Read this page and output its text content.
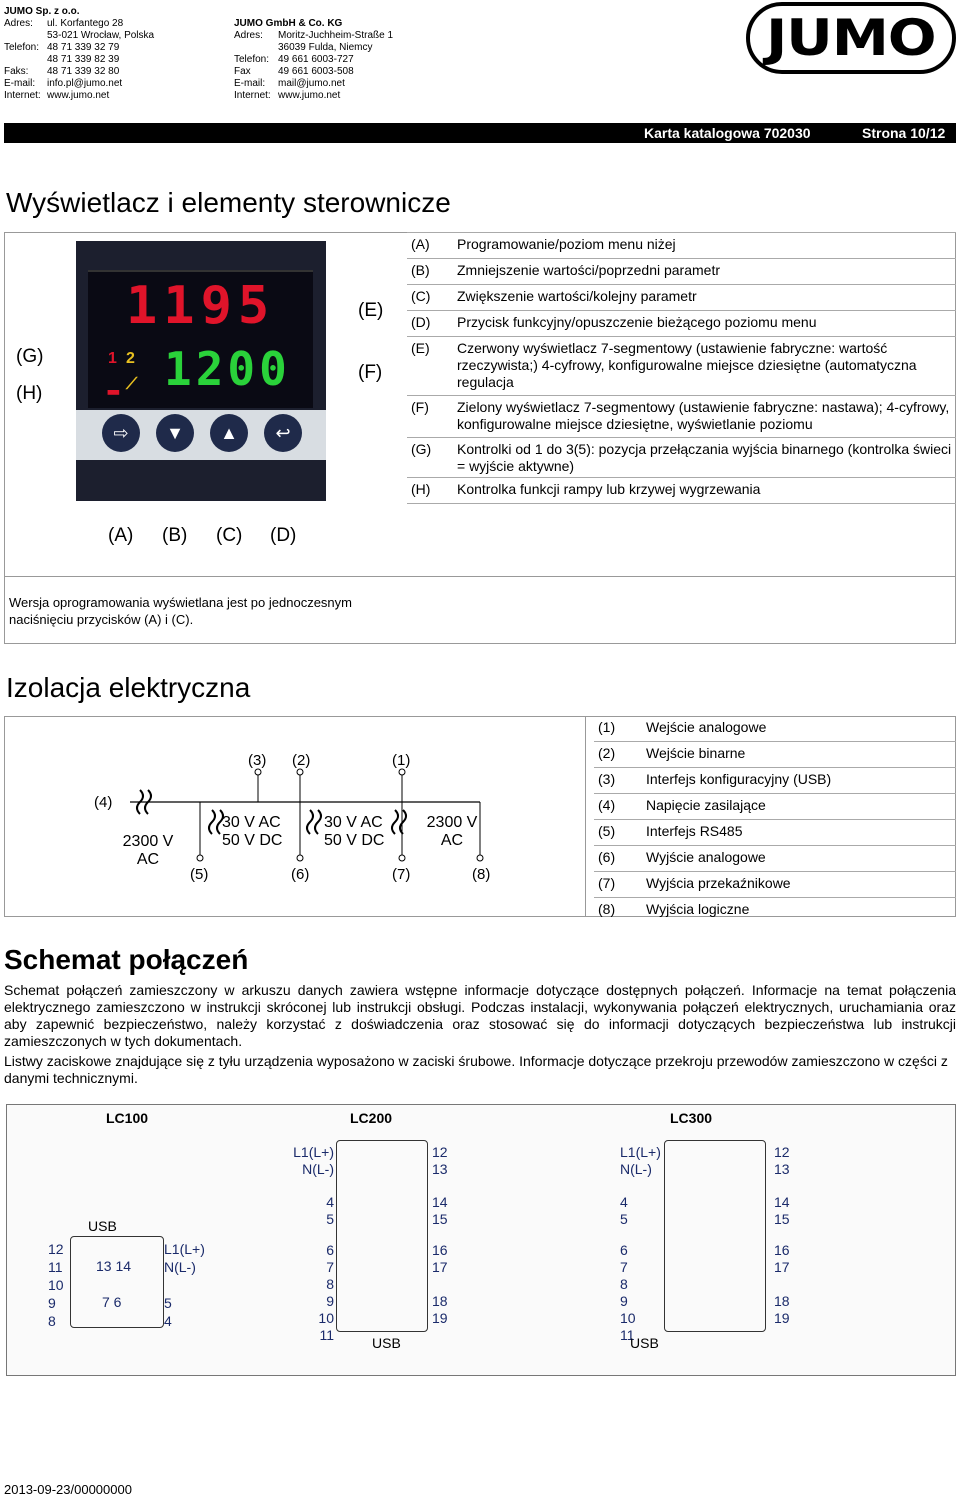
JUMO Sp. z o.o.
Adres: ul. Korfantego 28
53-021 Wrocław, Polska
Telefon: 48 71 339 32 79
48 71 339 82 39
Faks: 48 71 339 32 80
E-mail: info.pl@jumo.net
Internet: www.jumo.net
JUMO GmbH & Co. KG
Adres: Moritz-Juchheim-Straße 1
36039 Fulda, Niemcy
Telefon: 49 661 6003-727
Fax	49 661 6003-508
E-mail: mail@jumo.net
Internet: www.jumo.net
JUMO
Karta katalogowa 702030	Strona 10/12
Wyświetlacz i elementy sterownicze
1195
1200
1 2
▂ ⟋
⇨	▼	▲	↩
(G)
(H)
(E)
(F)
(A) (B) (C) (D)
(A)	Programowanie/poziom menu niżej
(B)	Zmniejszenie wartości/poprzedni parametr
(C)	Zwiększenie wartości/kolejny parametr
(D)	Przycisk funkcyjny/opuszczenie bieżącego poziomu menu
(E)	Czerwony wyświetlacz 7-segmentowy (ustawienie fabryczne: wartość rzeczywista;) 4-cyfrowy, konfigurowalne miejsce dziesiętne (automatyczna regulacja

(F)	Zielony wyświetlacz 7-segmentowy (ustawienie fabryczne: nastawa); 4-cyfrowy, konfigurowalne miejsce dziesiętne, wyświetlanie poziomu

(G)	Kontrolki od 1 do 3(5): pozycja przełączania wyjścia binarnego (kontrolka świeci = wyjście aktywne)

(H)	Kontrolka funkcji rampy lub krzywej wygrzewania
Wersja oprogramowania wyświetlana jest po jednoczesnym naciśnięciu przycisków (A) i (C).
Izolacja elektryczna
(3) (2)	(1)
(4)
(5)	(6)	(7)	(8)
2300 V
AC
30 V AC
50 V DC
30 V AC
50 V DC
2300 V
AC
(1)	Wejście analogowe
(2)	Wejście binarne
(3)	Interfejs konfiguracyjny (USB)
(4)	Napięcie zasilające
(5)	Interfejs RS485
(6)	Wyjście analogowe
(7)	Wyjścia przekaźnikowe
(8)	Wyjścia logiczne
Schemat połączeń
Schemat połączeń zamieszczony w arkuszu danych zawiera wstępne informacje dotyczące dostępnych połączeń. Informacje na temat połączenia elektrycznego zamieszczono w instrukcji skróconej lub instrukcji obsługi. Podczas instalacji, wykonywania połączeń elektrycznych, uruchamiania oraz aby zapewnić bezpieczeństwo, należy korzystać z doświadczenia oraz stosować się do informacji dotyczących bezpieczeństwa lub instrukcji zamieszczonych w tych dokumentach.
Listwy zaciskowe znajdujące się z tyłu urządzenia wyposażono w zaciski śrubowe. Informacje dotyczące przekroju przewodów zamieszczono w części z danymi technicznymi.
LC100
USB
12
11
10
9
8
13 14
7 6
L1(L+)
N(L-)
5
4
LC200
L1(L+)
N(L-)
4
5
6
7
8
9
10
11
12
13
14
15
16
17
18
19
USB
LC300
L1(L+)
N(L-)
4
5
6
7
8
9
10
11
12
13
14
15
16
17
18
19
USB
2013-09-23/00000000
